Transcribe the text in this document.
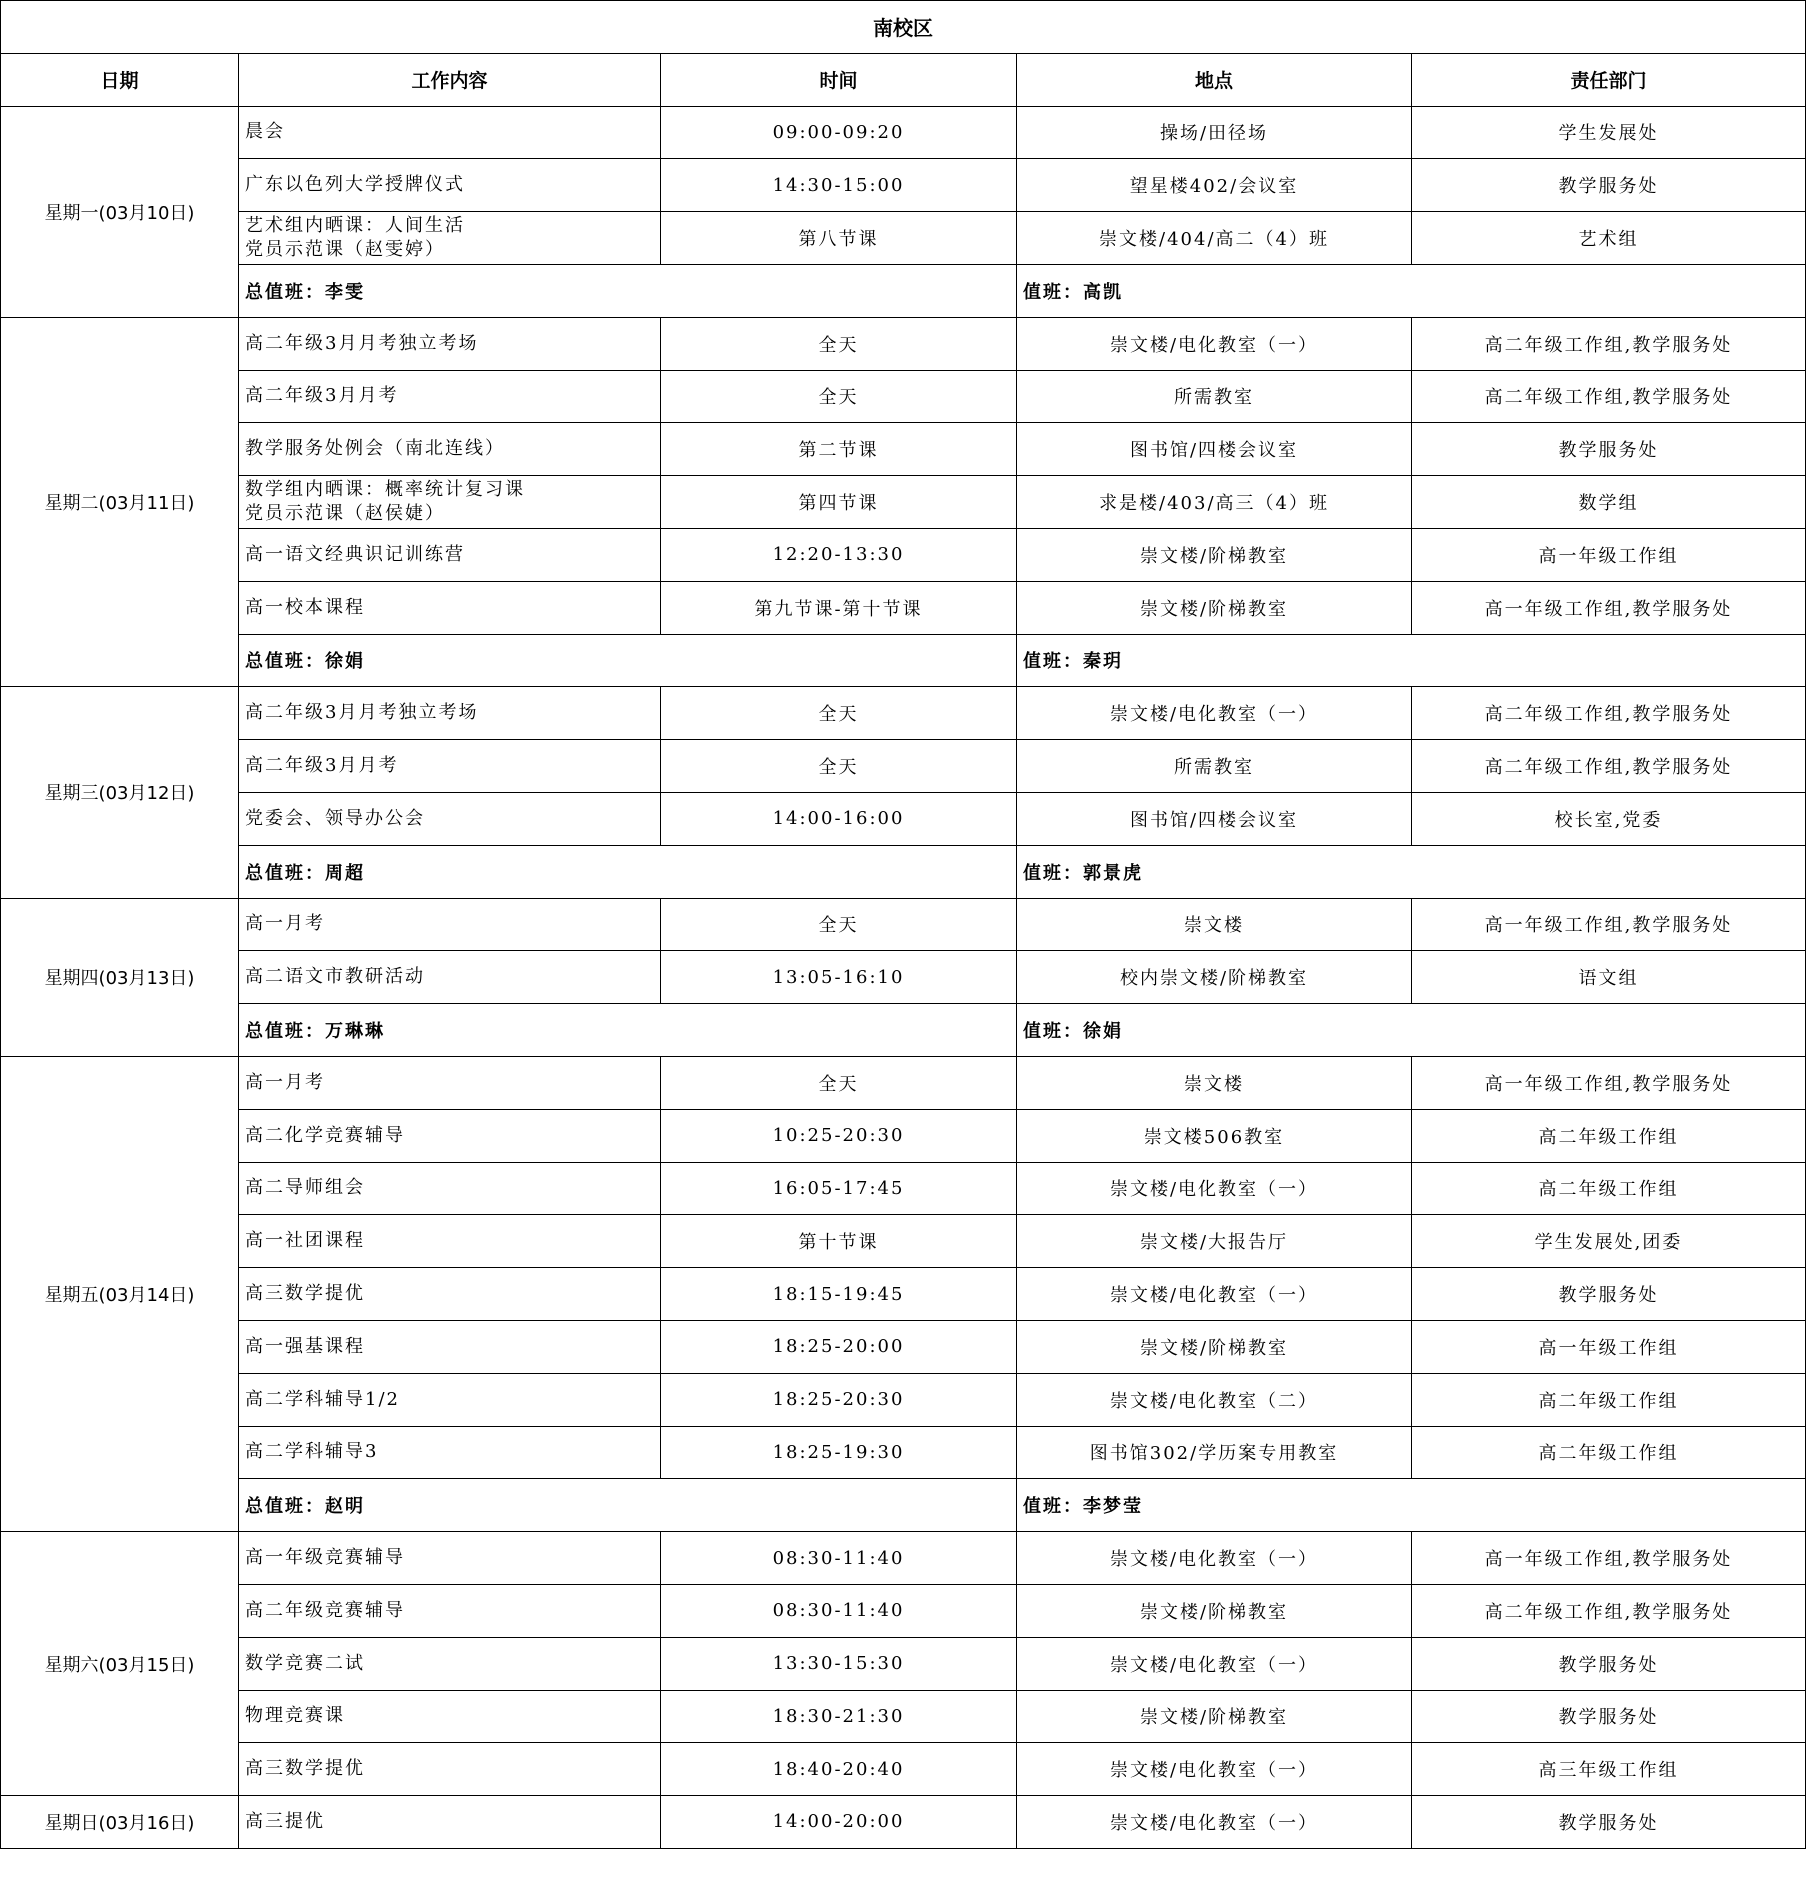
南校区				
日期	工作内容	时间	地点	责任部门
星期一(03月10日)	晨会	09:00-09:20	操场/田径场	学生发展处
	广东以色列大学授牌仪式	14:30-15:00	望星楼402/会议室	教学服务处
	艺术组内晒课：人间生活
党员示范课（赵雯婷）	第八节课	崇文楼/404/高二（4）班	艺术组
	总值班：李雯		值班：高凯	
星期二(03月11日)	高二年级3月月考独立考场	全天	崇文楼/电化教室（一）	高二年级工作组,教学服务处
	高二年级3月月考	全天	所需教室	高二年级工作组,教学服务处
	教学服务处例会（南北连线）	第二节课	图书馆/四楼会议室	教学服务处
	数学组内晒课：概率统计复习课
党员示范课（赵侯婕）	第四节课	求是楼/403/高三（4）班	数学组
	高一语文经典识记训练营	12:20-13:30	崇文楼/阶梯教室	高一年级工作组
	高一校本课程	第九节课-第十节课	崇文楼/阶梯教室	高一年级工作组,教学服务处
	总值班：徐娟		值班：秦玥	
星期三(03月12日)	高二年级3月月考独立考场	全天	崇文楼/电化教室（一）	高二年级工作组,教学服务处
	高二年级3月月考	全天	所需教室	高二年级工作组,教学服务处
	党委会、领导办公会	14:00-16:00	图书馆/四楼会议室	校长室,党委
	总值班：周超		值班：郭景虎	
星期四(03月13日)	高一月考	全天	崇文楼	高一年级工作组,教学服务处
	高二语文市教研活动	13:05-16:10	校内崇文楼/阶梯教室	语文组
	总值班：万琳琳		值班：徐娟	
星期五(03月14日)	高一月考	全天	崇文楼	高一年级工作组,教学服务处
	高二化学竞赛辅导	10:25-20:30	崇文楼506教室	高二年级工作组
	高二导师组会	16:05-17:45	崇文楼/电化教室（一）	高二年级工作组
	高一社团课程	第十节课	崇文楼/大报告厅	学生发展处,团委
	高三数学提优	18:15-19:45	崇文楼/电化教室（一）	教学服务处
	高一强基课程	18:25-20:00	崇文楼/阶梯教室	高一年级工作组
	高二学科辅导1/2	18:25-20:30	崇文楼/电化教室（二）	高二年级工作组
	高二学科辅导3	18:25-19:30	图书馆302/学历案专用教室	高二年级工作组
	总值班：赵明		值班：李梦莹	
星期六(03月15日)	高一年级竞赛辅导	08:30-11:40	崇文楼/电化教室（一）	高一年级工作组,教学服务处
	高二年级竞赛辅导	08:30-11:40	崇文楼/阶梯教室	高二年级工作组,教学服务处
	数学竞赛二试	13:30-15:30	崇文楼/电化教室（一）	教学服务处
	物理竞赛课	18:30-21:30	崇文楼/阶梯教室	教学服务处
	高三数学提优	18:40-20:40	崇文楼/电化教室（一）	高三年级工作组
星期日(03月16日)	高三提优	14:00-20:00	崇文楼/电化教室（一）	教学服务处
